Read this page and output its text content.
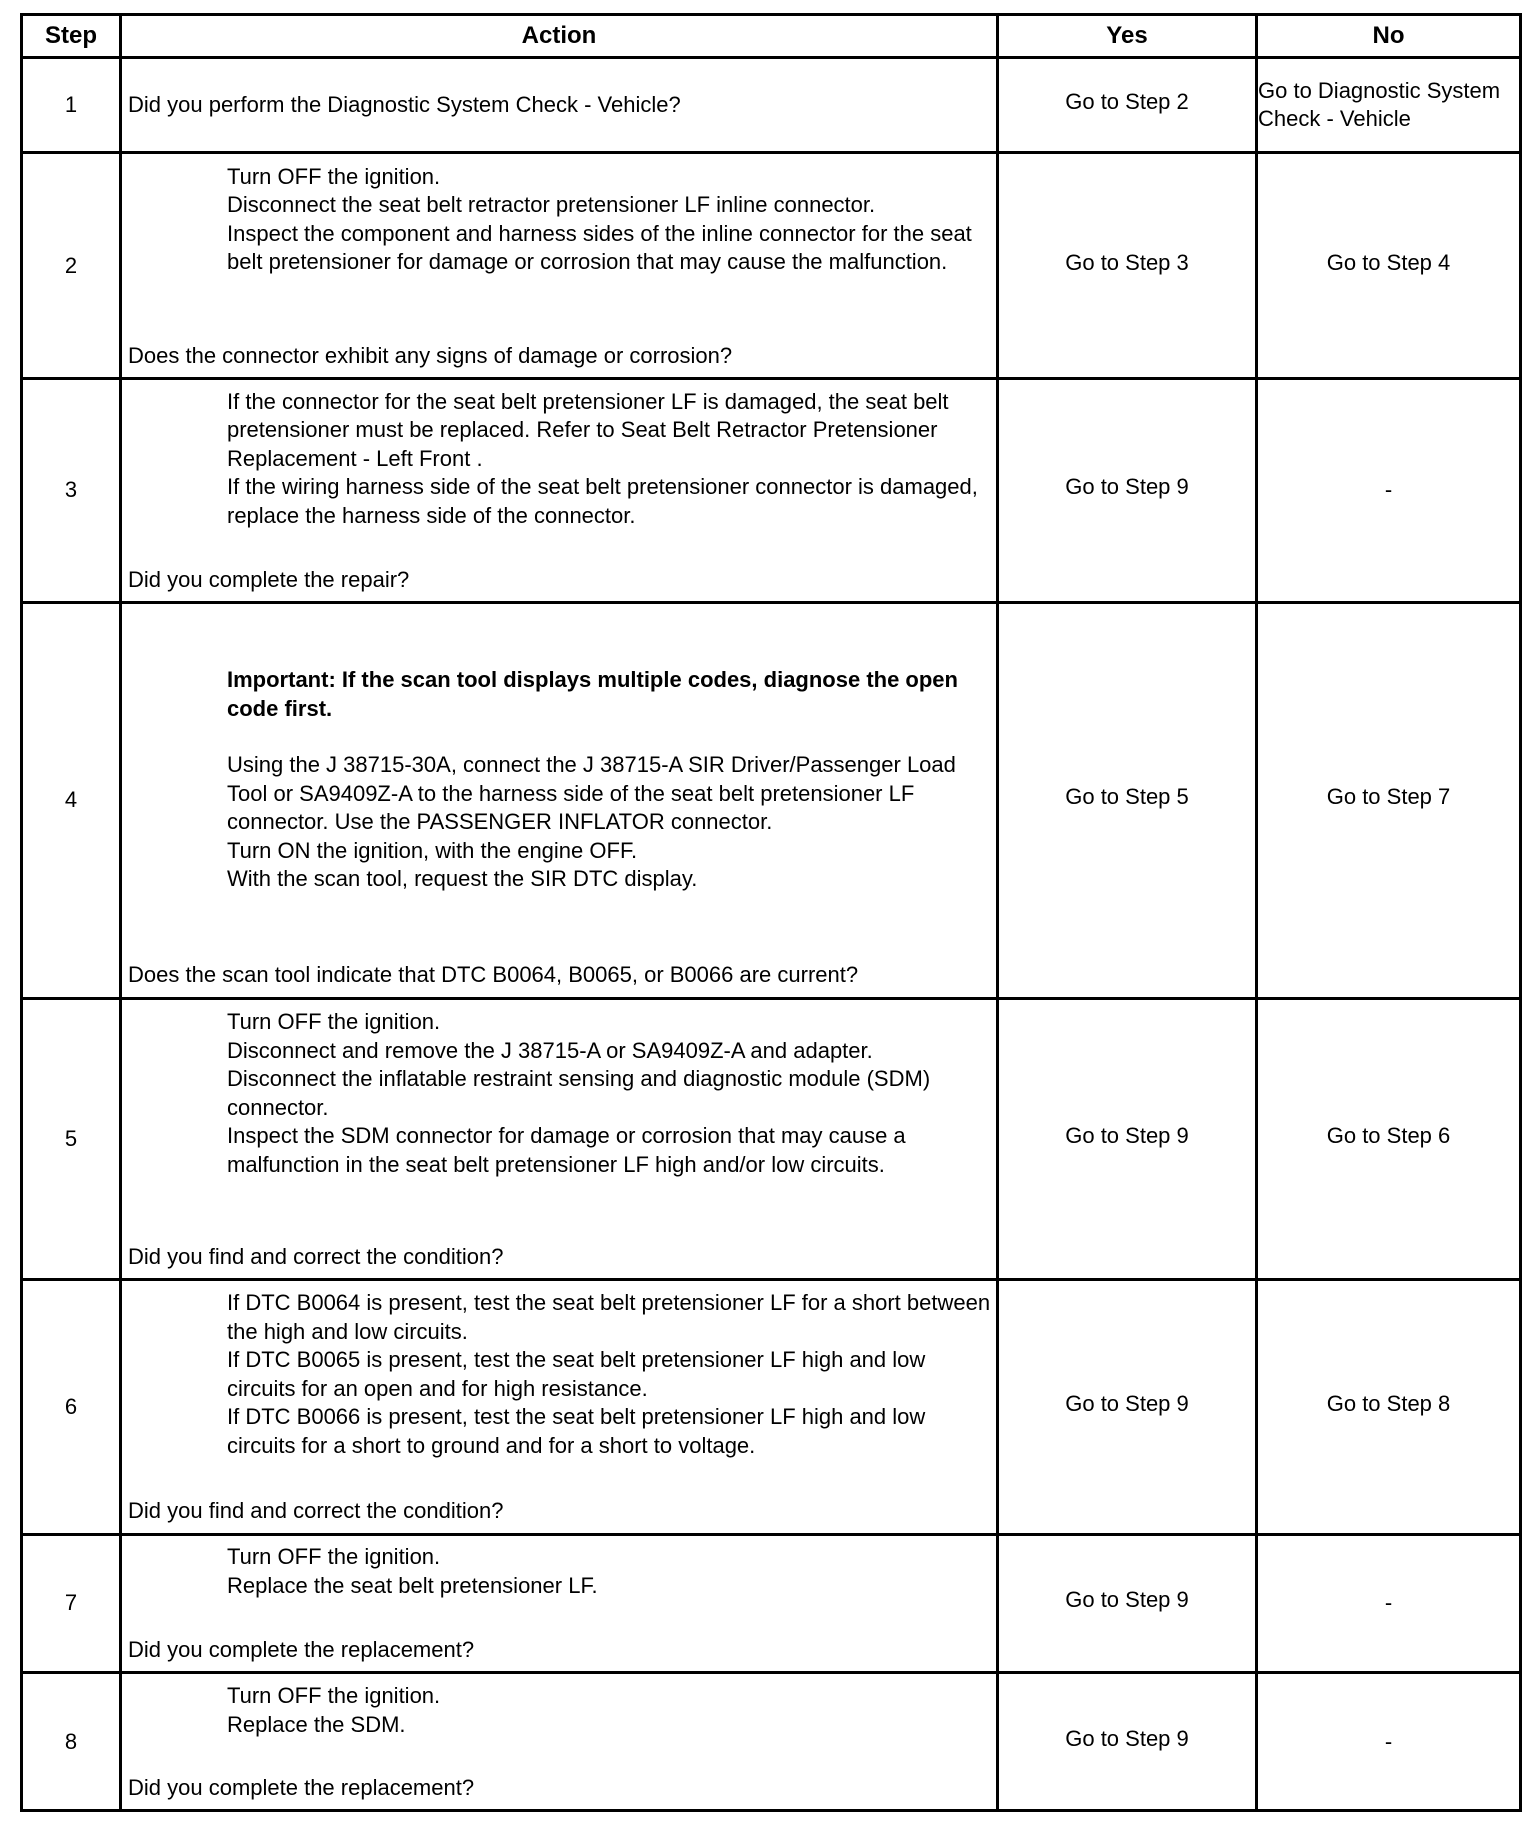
Step	Action	Yes	No
1	Did you perform the Diagnostic System Check - Vehicle?	Go to Step 2	Go to Diagnostic System Check - Vehicle
2	Turn OFF the ignition.
Disconnect the seat belt retractor pretensioner LF inline connector.
Inspect the component and harness sides of the inline connector for the seat belt pretensioner for damage or corrosion that may cause the malfunction.
Does the connector exhibit any signs of damage or corrosion?	Go to Step 3	Go to Step 4

3	If the connector for the seat belt pretensioner LF is damaged, the seat belt pretensioner must be replaced. Refer to Seat Belt Retractor Pretensioner Replacement - Left Front .
If the wiring harness side of the seat belt pretensioner connector is damaged, replace the harness side of the connector.
Did you complete the repair?	Go to Step 9	-
4	Important: If the scan tool displays multiple codes, diagnose the open code first.
Using the J 38715-30A, connect the J 38715-A SIR Driver/Passenger Load Tool or SA9409Z-A to the harness side of the seat belt pretensioner LF connector. Use the PASSENGER INFLATOR connector.
Turn ON the ignition, with the engine OFF.
With the scan tool, request the SIR DTC display.
Does the scan tool indicate that DTC B0064, B0065, or B0066 are current?	Go to Step 5	Go to Step 7

5	Turn OFF the ignition.
Disconnect and remove the J 38715-A or SA9409Z-A and adapter.
Disconnect the inflatable restraint sensing and diagnostic module (SDM) connector.
Inspect the SDM connector for damage or corrosion that may cause a malfunction in the seat belt pretensioner LF high and/or low circuits.
Did you find and correct the condition?	Go to Step 9	Go to Step 6

6	If DTC B0064 is present, test the seat belt pretensioner LF for a short between the high and low circuits.
If DTC B0065 is present, test the seat belt pretensioner LF high and low circuits for an open and for high resistance.
If DTC B0066 is present, test the seat belt pretensioner LF high and low circuits for a short to ground and for a short to voltage.
Did you find and correct the condition?	Go to Step 9	Go to Step 8

7	Turn OFF the ignition.
Replace the seat belt pretensioner LF.
Did you complete the replacement?	Go to Step 9	-
8	Turn OFF the ignition.
Replace the SDM.
Did you complete the replacement?	Go to Step 9	-
